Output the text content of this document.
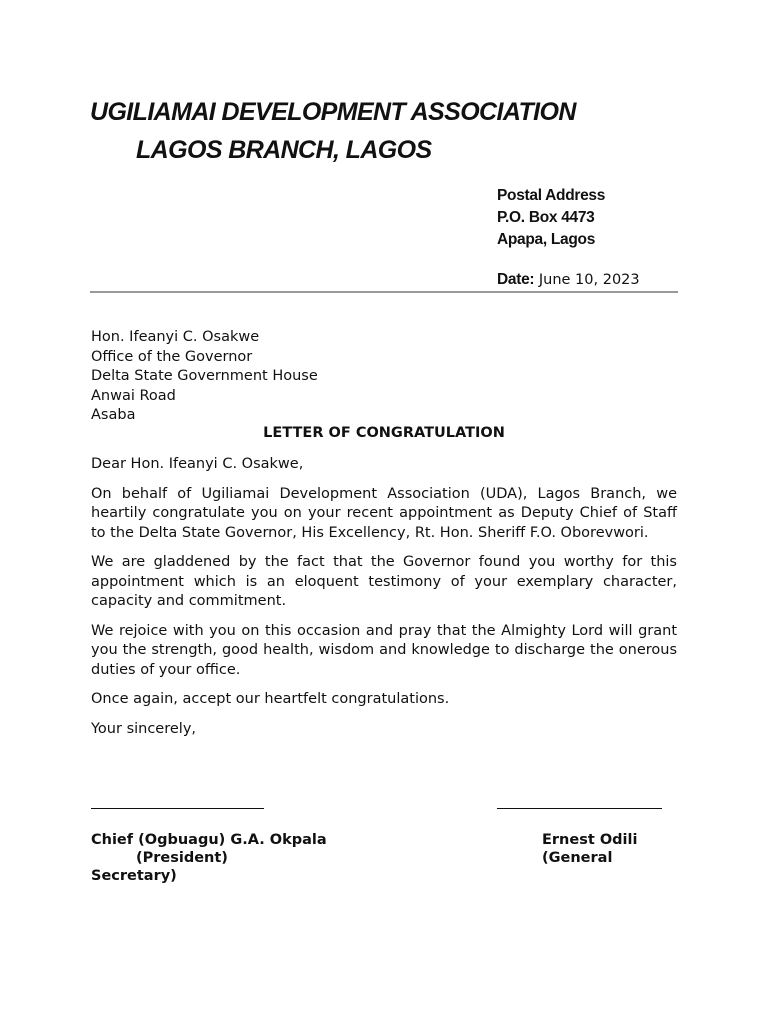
UGILIAMAI DEVELOPMENT ASSOCIATION
LAGOS BRANCH, LAGOS
Postal Address
P.O. Box 4473
Apapa, Lagos
Date: June 10, 2023
Hon. Ifeanyi C. Osakwe
Office of the Governor
Delta State Government House
Anwai Road
Asaba
LETTER OF CONGRATULATION

Dear Hon. Ifeanyi C. Osakwe,

On behalf of Ugiliamai Development Association (UDA), Lagos Branch, we heartily congratulate you on your recent appointment as Deputy Chief of Staff to the Delta State Governor, His Excellency, Rt. Hon. Sheriff F.O. Oborevwori.

We are gladdened by the fact that the Governor found you worthy for this appointment which is an eloquent testimony of your exemplary character, capacity and commitment.

We rejoice with you on this occasion and pray that the Almighty Lord will grant you the strength, good health, wisdom and knowledge to discharge the onerous duties of your office.

Once again, accept our heartfelt congratulations.

Your sincerely,

Chief (Ogbuagu) G.A. Okpala
(President)
Secretary)
Ernest Odili
(General
